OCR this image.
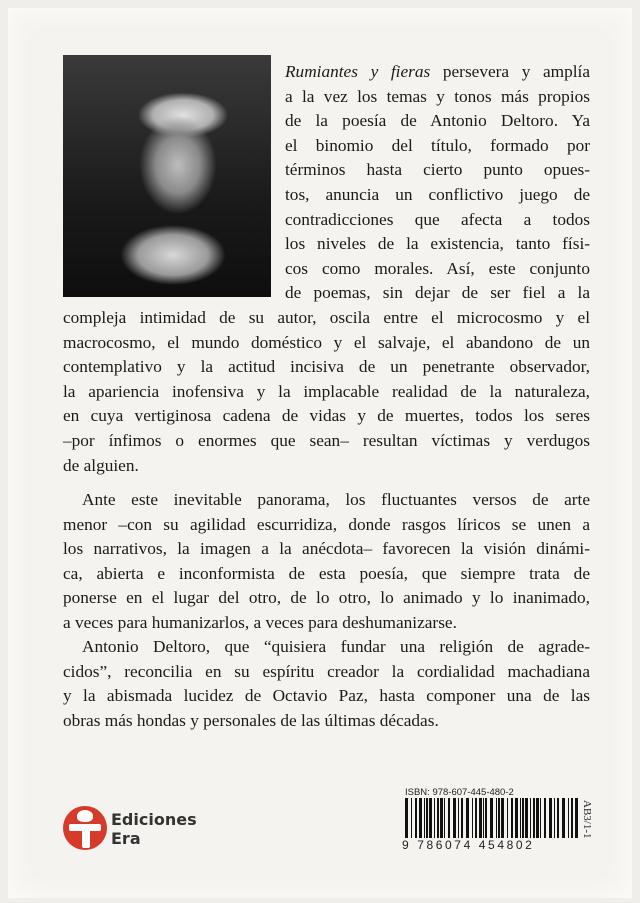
Rumiantes y fieras persevera y amplía
a la vez los temas y tonos más propios
de la poesía de Antonio Deltoro. Ya
el binomio del título, formado por
términos hasta cierto punto opues-
tos, anuncia un conflictivo juego de
contradicciones que afecta a todos
los niveles de la existencia, tanto físi-
cos como morales. Así, este conjunto
de poemas, sin dejar de ser fiel a la
compleja intimidad de su autor, oscila entre el microcosmo y el
macrocosmo, el mundo doméstico y el salvaje, el abandono de un
contemplativo y la actitud incisiva de un penetrante observador,
la apariencia inofensiva y la implacable realidad de la naturaleza,
en cuya vertiginosa cadena de vidas y de muertes, todos los seres
–por ínfimos o enormes que sean– resultan víctimas y verdugos
de alguien.
Ante este inevitable panorama, los fluctuantes versos de arte
menor –con su agilidad escurridiza, donde rasgos líricos se unen a
los narrativos, la imagen a la anécdota– favorecen la visión dinámi-
ca, abierta e inconformista de esta poesía, que siempre trata de
ponerse en el lugar del otro, de lo otro, lo animado y lo inanimado,
a veces para humanizarlos, a veces para deshumanizarse.
Antonio Deltoro, que “quisiera fundar una religión de agrade-
cidos”, reconcilia en su espíritu creador la cordialidad machadiana
y la abismada lucidez de Octavio Paz, hasta componer una de las
obras más hondas y personales de las últimas décadas.
Ediciones
Era
ISBN: 978-607-445-480-2
9 786074 454802
AB3/1-1
